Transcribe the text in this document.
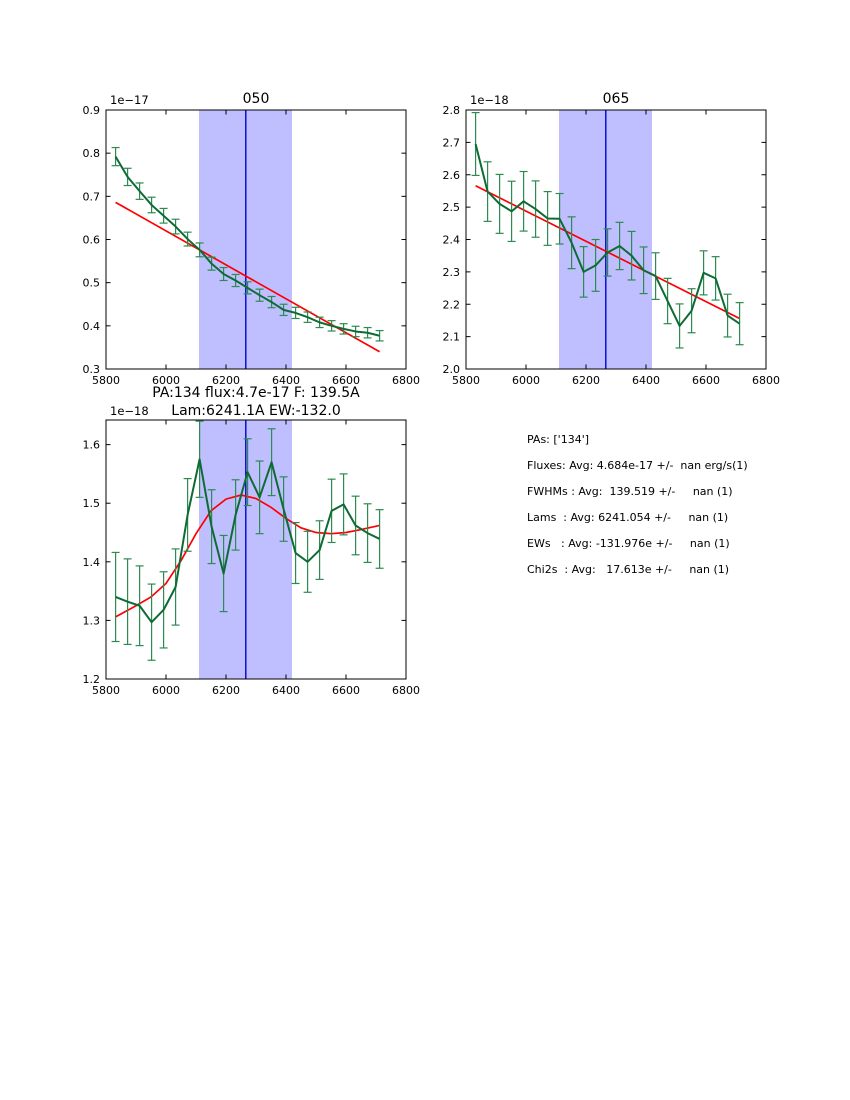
5800	6000	6200	6400	6600	6800
0.3
0.4
0.5
0.6
0.7
0.8
0.9
5800	6000	6200	6400	6600	6800
2.0
2.1
2.2
2.3
2.4
2.5
2.6
2.7
2.8
5800	6000	6200	6400	6600	6800
1.2
1.3
1.4
1.5
1.6
050	065
PA:134 flux:4.7e-17 F: 139.5A
Lam:6241.1A EW:-132.0
1e−17	1e−18
1e−18
PAs: ['134']
Fluxes: Avg: 4.684e-17 +/-  nan erg/s(1)
FWHMs : Avg:  139.519 +/-     nan (1)
Lams  : Avg: 6241.054 +/-     nan (1)
EWs   : Avg: -131.976e +/-     nan (1)
Chi2s  : Avg:   17.613e +/-     nan (1)
